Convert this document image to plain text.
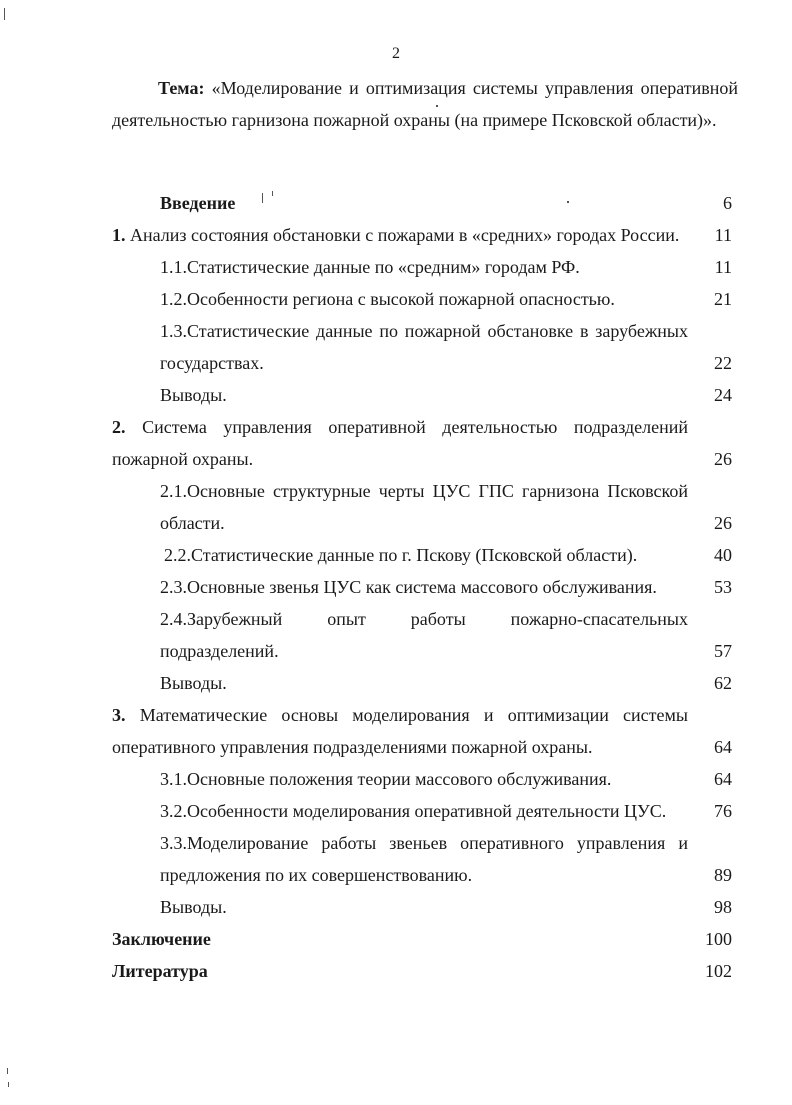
2
Тема: «Моделирование и оптимизация системы управления оперативной деятельностью гарнизона пожарной охраны (на примере Псковской области)».
Введение	6
1. Анализ состояния обстановки с пожарами в «средних» городах России.	11
1.1.Статистические данные по «средним» городам РФ.	11
1.2.Особенности региона с высокой пожарной опасностью.	21
1.3.Статистические данные по пожарной обстановке в зарубежных государствах.	22
Выводы.	24
2. Система управления оперативной деятельностью подразделений пожарной охраны.	26
2.1.Основные структурные черты ЦУС ГПС гарнизона Псковской области.	26
2.2.Статистические данные по г. Пскову (Псковской области).	40
2.3.Основные звенья ЦУС как система массового обслуживания.	53
2.4.Зарубежный опыт работы пожарно-спасательных подразделений.	57
Выводы.	62
3. Математические основы моделирования и оптимизации системы оперативного управления подразделениями пожарной охраны.	64
3.1.Основные положения теории массового обслуживания.	64
3.2.Особенности моделирования оперативной деятельности ЦУС.	76
3.3.Моделирование работы звеньев оперативного управления и предложения по их совершенствованию.	89
Выводы.	98
Заключение	100
Литература	102
